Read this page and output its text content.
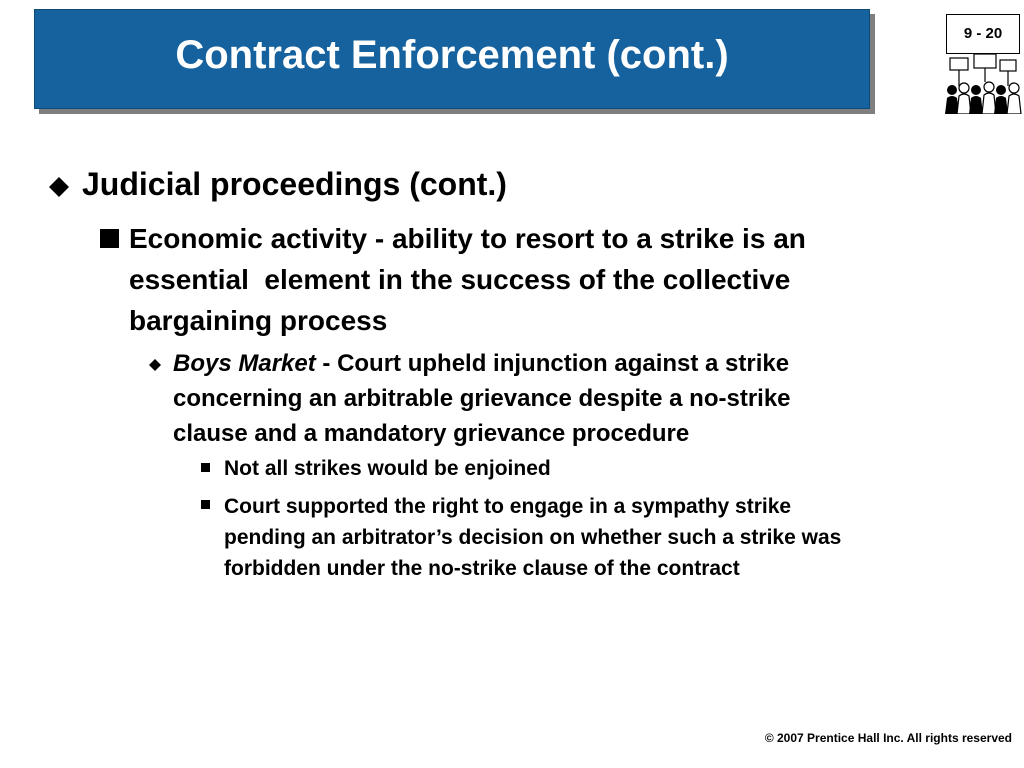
Contract Enforcement (cont.)	9 - 20
Judicial proceedings (cont.)
Economic activity - ability to resort to a strike is an
essential  element in the success of the collective
bargaining process
Boys Market - Court upheld injunction against a strike
concerning an arbitrable grievance despite a no-strike
clause and a mandatory grievance procedure
Not all strikes would be enjoined
Court supported the right to engage in a sympathy strike
pending an arbitrator’s decision on whether such a strike was
forbidden under the no-strike clause of the contract
© 2007 Prentice Hall Inc. All rights reserved
